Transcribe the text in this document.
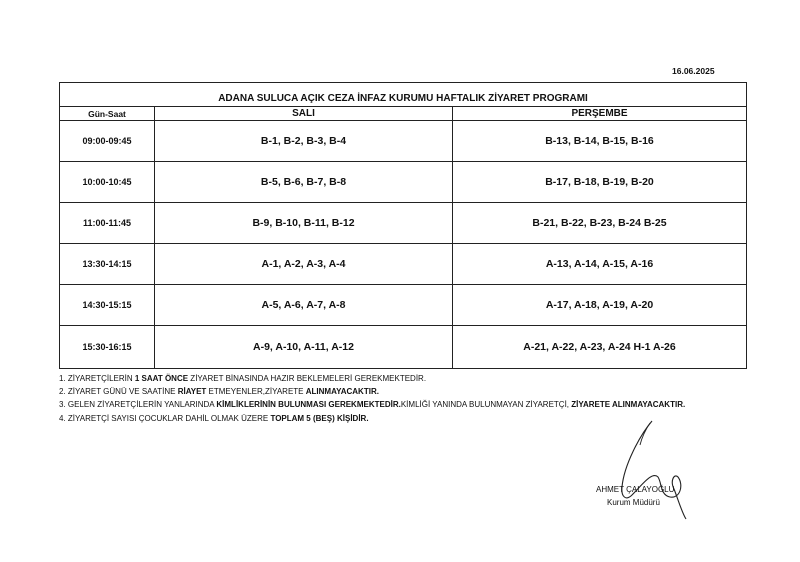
16.06.2025
ADANA SULUCA AÇIK CEZA İNFAZ KURUMU HAFTALIK ZİYARET PROGRAMI
Gün-Saat	SALI	PERŞEMBE
09:00-09:45	B-1, B-2, B-3, B-4	B-13, B-14, B-15, B-16
10:00-10:45	B-5, B-6, B-7, B-8	B-17, B-18, B-19, B-20
11:00-11:45	B-9, B-10, B-11, B-12	B-21, B-22, B-23, B-24 B-25
13:30-14:15	A-1, A-2, A-3, A-4	A-13, A-14, A-15, A-16
14:30-15:15	A-5, A-6, A-7, A-8	A-17, A-18, A-19, A-20
15:30-16:15	A-9, A-10, A-11, A-12	A-21, A-22, A-23, A-24 H-1 A-26
1. ZİYARETÇİLERİN 1 SAAT ÖNCE ZİYARET BİNASINDA HAZIR BEKLEMELERİ GEREKMEKTEDİR.
2. ZİYARET GÜNÜ VE SAATİNE RİAYET ETMEYENLER,ZİYARETE ALINMAYACAKTIR.
3. GELEN ZİYARETÇİLERİN YANLARINDA KİMLİKLERİNİN BULUNMASI GEREKMEKTEDİR.KİMLİĞİ YANINDA BULUNMAYAN ZİYARETÇİ, ZİYARETE ALINMAYACAKTIR.
4. ZİYARETÇİ SAYISI ÇOCUKLAR DAHİL OLMAK ÜZERE TOPLAM 5 (BEŞ) KİŞİDİR.
AHMET ÇALAYOĞLU
Kurum Müdürü
